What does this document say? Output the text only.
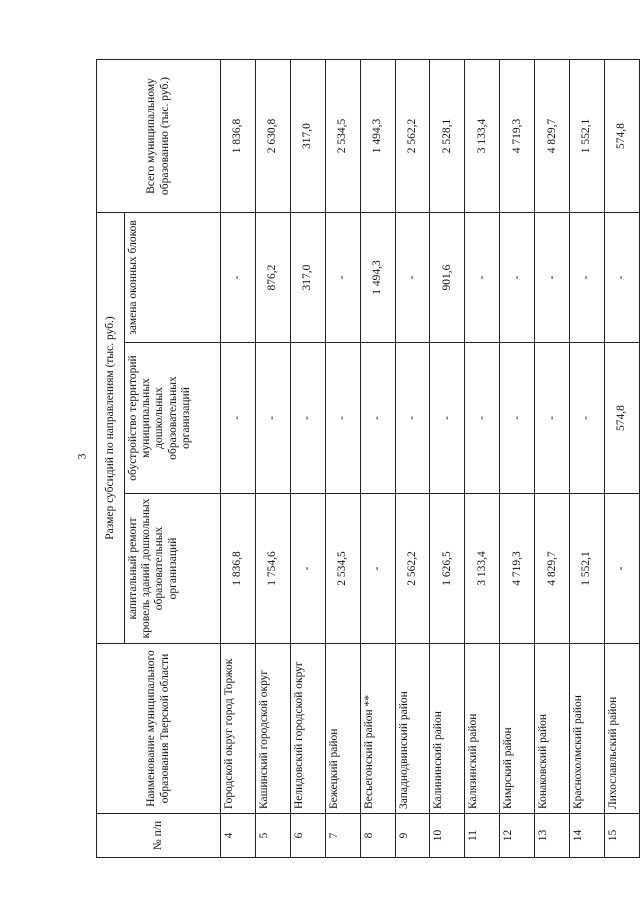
3
№ п/п	Наименование муниципального образования Тверской области	Размер субсидий по направлениям (тыс. руб.)			Всего муниципальному образованию (тыс. руб.)
		капитальный ремонт кровель зданий дошкольных образовательных организаций	обустройство территорий муниципальных дошкольных образовательных организаций	замена оконных блоков	
4	Городской округ город Торжок	1 836,8	-	-	1 836,8
5	Кашинский городской округ	1 754,6	-	876,2	2 630,8
6	Нелидовский городской округ	-	-	317,0	317,0
7	Бежецкий район	2 534,5	-	-	2 534,5
8	Весьегонский район **	-	-	1 494,3	1 494,3
9	Западнодвинский район	2 562,2	-	-	2 562,2
10	Калининский район	1 626,5	-	901,6	2 528,1
11	Калязинский район	3 133,4	-	-	3 133,4
12	Кимрский район	4 719,3	-	-	4 719,3
13	Конаковский район	4 829,7	-	-	4 829,7
14	Краснохолмский район	1 552,1	-	-	1 552,1
15	Лихославльский район	-	574,8	-	574,8
